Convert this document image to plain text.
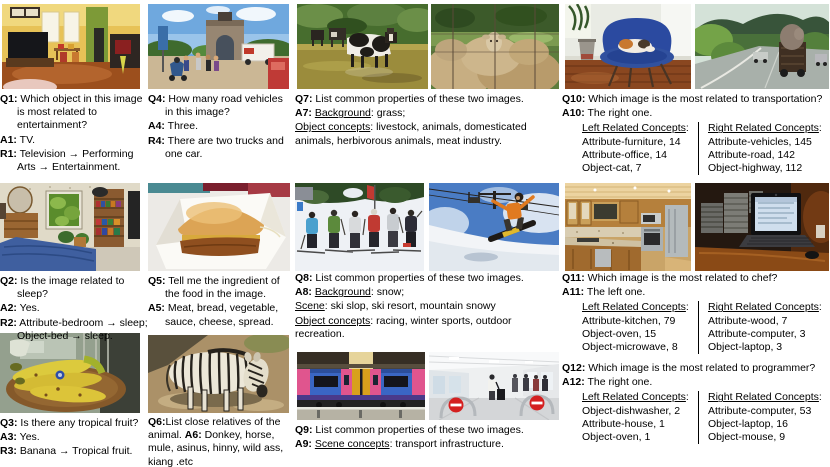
Q1: Which object in this image is most related to entertainment?

A1: TV.

R1: Television → Performing Arts → Entertainment.

Q4: How many road vehicles in this image?

A4: Three.

R4: There are two trucks and one car.

Q7: List common properties of these two images.

A7: Background: grass;

Object concepts: livestock, animals, domesticated animals, herbivorous animals, meat industry.

Q10: Which image is the most related to transportation?

A10: The right one.

Left Related Concepts:

Attribute-furniture, 14

Attribute-office, 14

Object-cat, 7

Right Related Concepts:

Attribute-vehicles, 145

Attribute-road, 142

Object-highway, 112

Q2: Is the image related to sleep?

A2: Yes.

R2: Attribute-bedroom → sleep; Object-bed → sleep.

Q5: Tell me the ingredient of the food in the image.

A5: Meat, bread, vegetable, sauce, cheese, spread.

Q8: List common properties of these two images.

A8: Background: snow;

Scene: ski slop, ski resort, mountain snowy

Object concepts: racing, winter sports, outdoor recreation.

Q11: Which image is the most related to chef?

A11: The left one.

Left Related Concepts:

Attribute-kitchen, 79

Object-oven, 15

Object-microwave, 8

Right Related Concepts:

Attribute-wood, 7

Attribute-computer, 3

Object-laptop, 3

Q3: Is there any tropical fruit?

A3: Yes.

R3: Banana → Tropical fruit.

Q6:List close relatives of the animal. A6: Donkey, horse, mule, asinus, hinny, wild ass, kiang .etc

Q9: List common properties of these two images.

A9: Scene concepts: transport infrastructure.

Q12: Which image is the most related to programmer?

A12: The right one.

Left Related Concepts:

Object-dishwasher, 2

Attribute-house, 1

Object-oven, 1

Right Related Concepts:

Attribute-computer, 53

Object-laptop, 16

Object-mouse, 9
